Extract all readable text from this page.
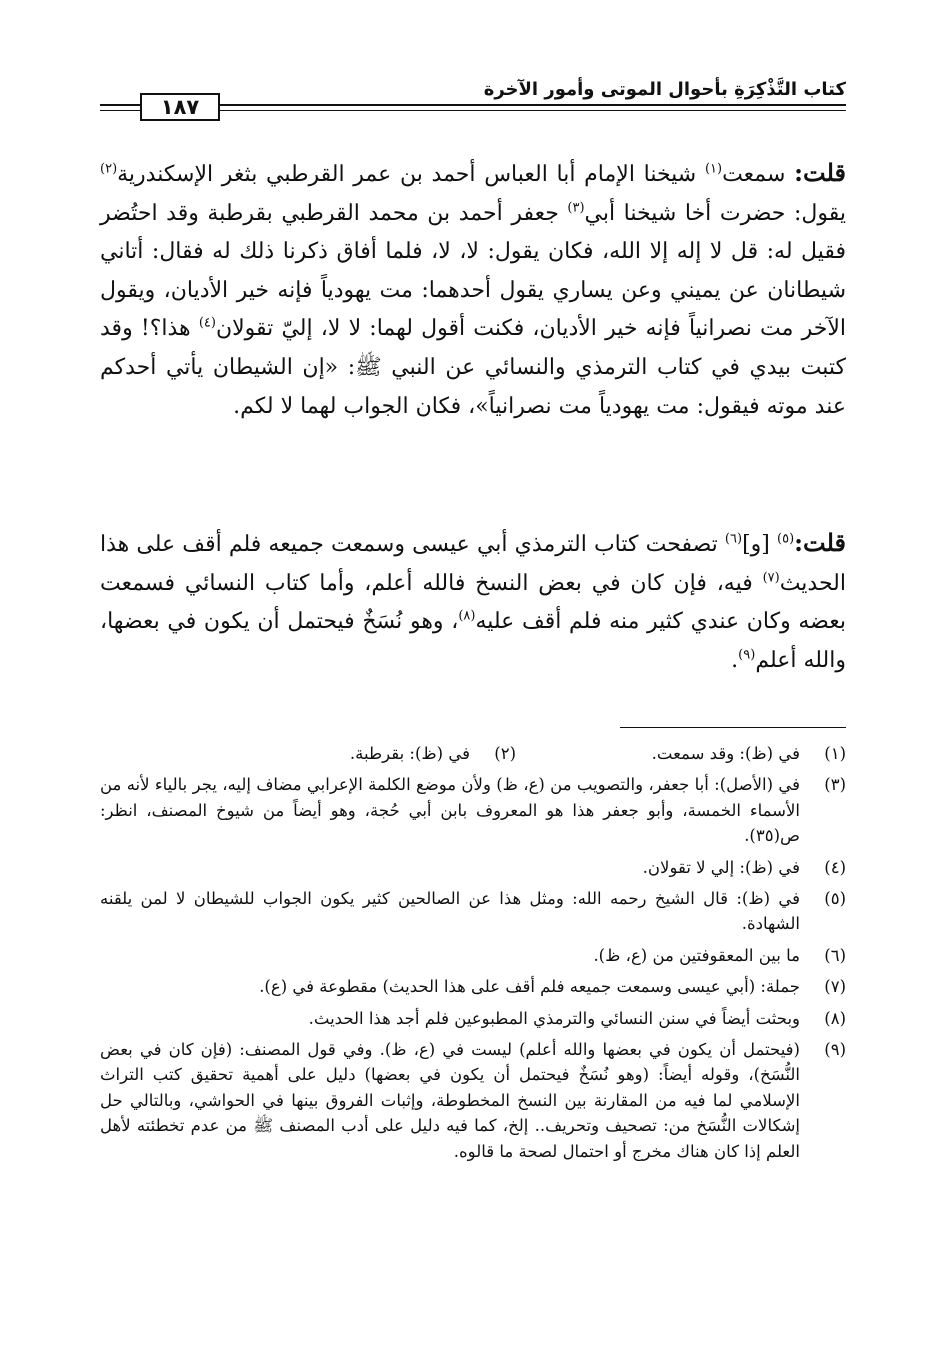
كتاب التَّذْكِرَةِ بأحوال الموتى وأمور الآخرة
١٨٧
قلت: سمعت$^{(١)}$ شيخنا الإمام أبا العباس أحمد بن عمر القرطبي بثغر الإسكندرية$^{(٢)}$ يقول: حضرت أخا شيخنا أبي$^{(٣)}$ جعفر أحمد بن محمد القرطبي بقرطبة وقد احتُضر فقيل له: قل لا إله إلا الله، فكان يقول: لا، لا، فلما أفاق ذكرنا ذلك له فقال: أتاني شيطانان عن يميني وعن يساري يقول أحدهما: مت يهودياً فإنه خير الأديان، ويقول الآخر مت نصرانياً فإنه خير الأديان، فكنت أقول لهما: لا لا، إليّ تقولان$^{(٤)}$ هذا؟! وقد كتبت بيدي في كتاب الترمذي والنسائي عن النبي ﷺ: «إن الشيطان يأتي أحدكم عند موته فيقول: مت يهودياً مت نصرانياً»، فكان الجواب لهما لا لكم.
قلت:$^{(٥)}$ [و]$^{(٦)}$ تصفحت كتاب الترمذي أبي عيسى وسمعت جميعه فلم أقف على هذا الحديث$^{(٧)}$ فيه، فإن كان في بعض النسخ فالله أعلم، وأما كتاب النسائي فسمعت بعضه وكان عندي كثير منه فلم أقف عليه$^{(٨)}$، وهو نُسَخٌ فيحتمل أن يكون في بعضها، والله أعلم$^{(٩)}$.
(١)
في (ظ): وقد سمعت.
(٢)
في (ظ): بقرطبة.
(٣)
في (الأصل): أبا جعفر، والتصويب من (ع، ظ) ولأن موضع الكلمة الإعرابي مضاف إليه، يجر بالياء لأنه من الأسماء الخمسة، وأبو جعفر هذا هو المعروف بابن أبي حُجة، وهو أيضاً من شيوخ المصنف، انظر: ص(٣٥).
(٤)
في (ظ): إلي لا تقولان.
(٥)
في (ظ): قال الشيخ رحمه الله: ومثل هذا عن الصالحين كثير يكون الجواب للشيطان لا لمن يلقنه الشهادة.
(٦)
ما بين المعقوفتين من (ع، ظ).
(٧)
جملة: (أبي عيسى وسمعت جميعه فلم أقف على هذا الحديث) مقطوعة في (ع).
(٨)
وبحثت أيضاً في سنن النسائي والترمذي المطبوعين فلم أجد هذا الحديث.
(٩)
(فيحتمل أن يكون في بعضها والله أعلم) ليست في (ع، ظ). وفي قول المصنف: (فإن كان في بعض النُّسَخ)، وقوله أيضاً: (وهو نُسَخٌ فيحتمل أن يكون في بعضها) دليل على أهمية تحقيق كتب التراث الإسلامي لما فيه من المقارنة بين النسخ المخطوطة، وإثبات الفروق بينها في الحواشي، وبالتالي حل إشكالات النُّسَخ من: تصحيف وتحريف.. إلخ، كما فيه دليل على أدب المصنف ﷺ من عدم تخطئته لأهل العلم إذا كان هناك مخرج أو احتمال لصحة ما قالوه.
